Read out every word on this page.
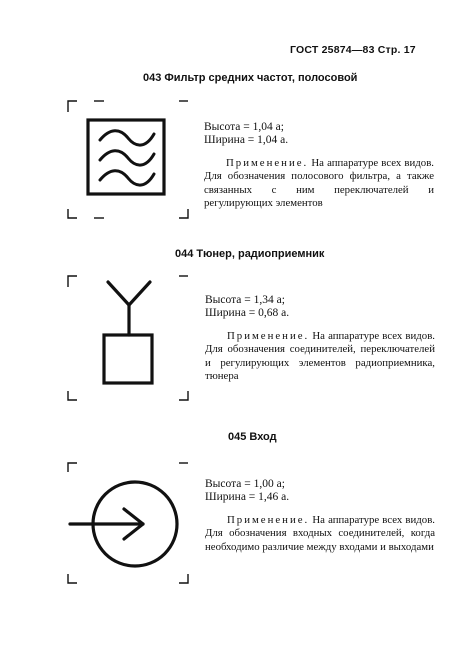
ГОСТ 25874—83 Стр. 17
043 Фильтр средних частот, полосовой
Высота = 1,04 a;
Ширина = 1,04 a.
Применение. На аппаратуре всех видов. Для обозначения полосового фильтра, а также связанных с ним переключателей и регулирующих элементов
044 Тюнер, радиоприемник
Высота = 1,34 a;
Ширина = 0,68 a.
Применение. На аппаратуре всех видов. Для обозначения соединителей, переключателей и регулирующих элементов радиоприемника, тюнера
045 Вход
Высота = 1,00 a;
Ширина = 1,46 a.
Применение. На аппаратуре всех видов. Для обозначения входных соединителей, когда необходимо различие между входами и выходами
